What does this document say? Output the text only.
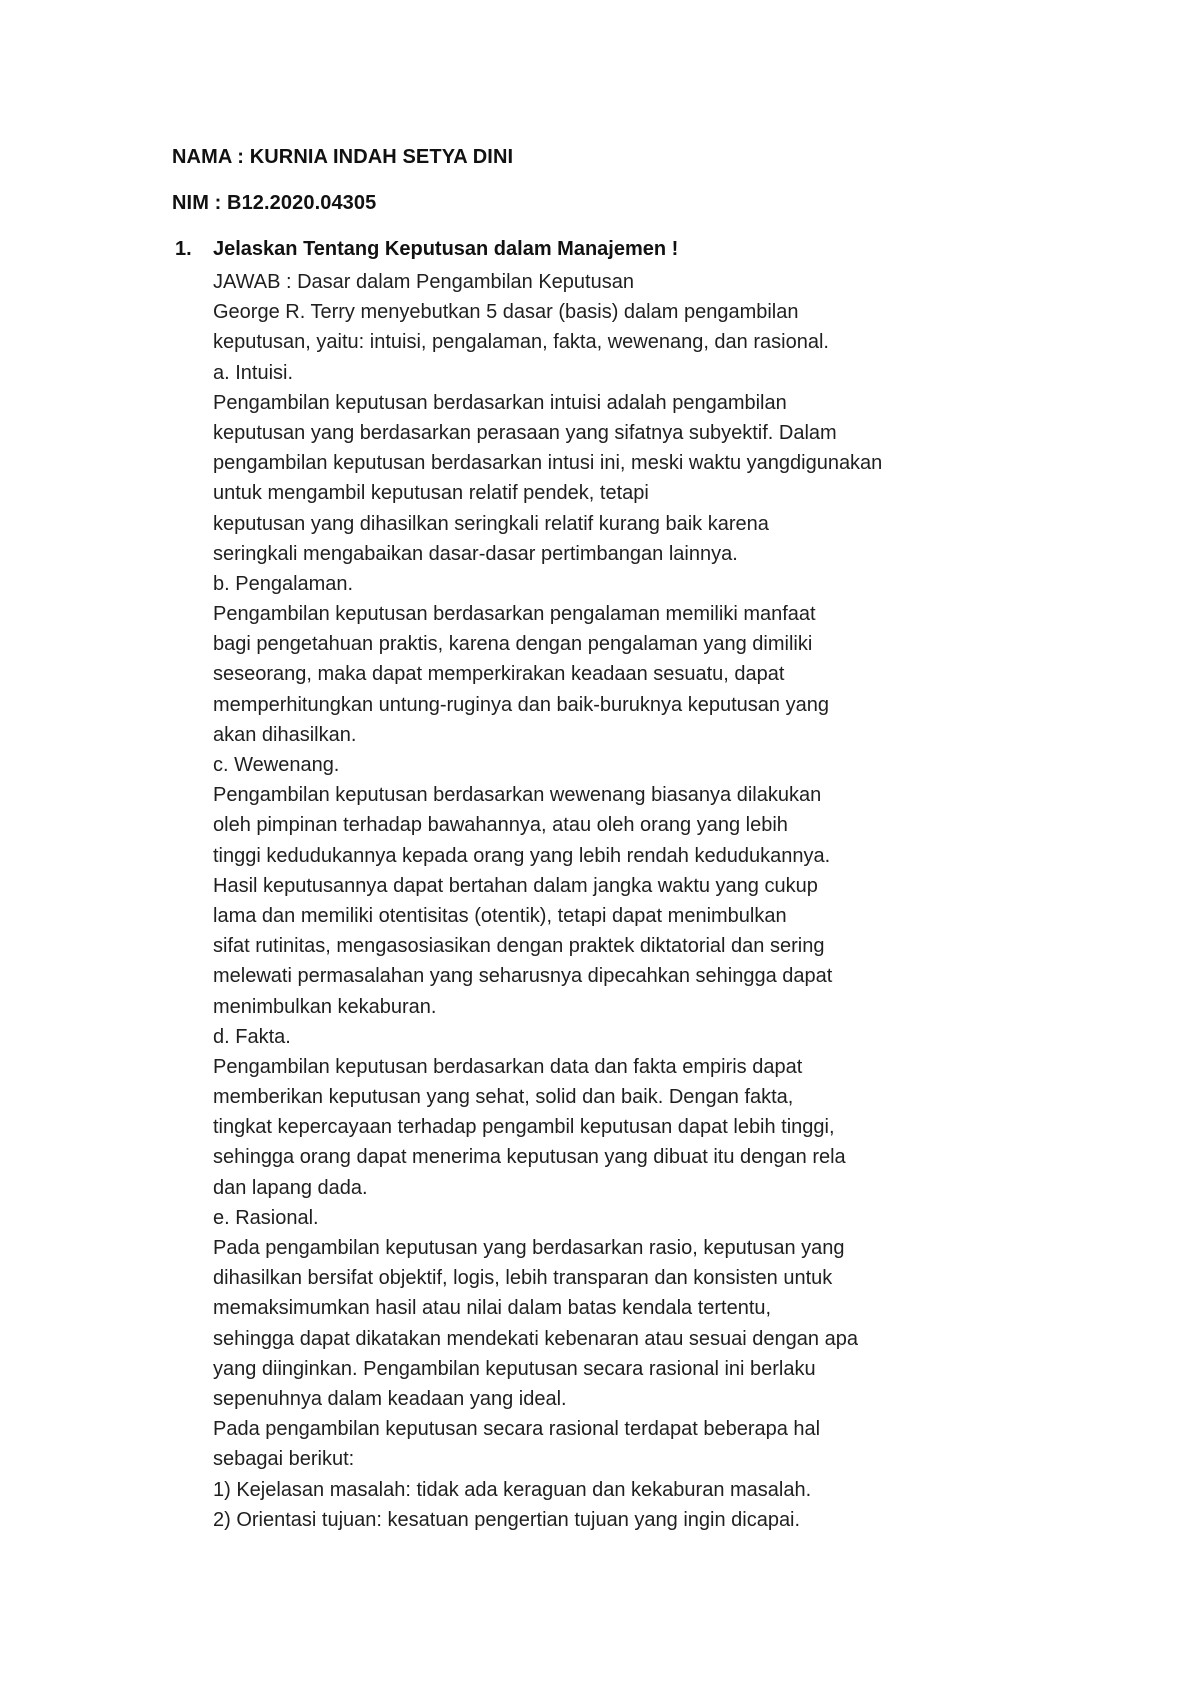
NAMA : KURNIA INDAH SETYA DINI
NIM : B12.2020.04305
1. Jelaskan Tentang Keputusan dalam Manajemen !
JAWAB : Dasar dalam Pengambilan Keputusan
George R. Terry menyebutkan 5 dasar (basis) dalam pengambilan
keputusan, yaitu: intuisi, pengalaman, fakta, wewenang, dan rasional.
a. Intuisi.
Pengambilan keputusan berdasarkan intuisi adalah pengambilan
keputusan yang berdasarkan perasaan yang sifatnya subyektif. Dalam
pengambilan keputusan berdasarkan intusi ini, meski waktu yangdigunakan
untuk mengambil keputusan relatif pendek, tetapi
keputusan yang dihasilkan seringkali relatif kurang baik karena
seringkali mengabaikan dasar-dasar pertimbangan lainnya.
b. Pengalaman.
Pengambilan keputusan berdasarkan pengalaman memiliki manfaat
bagi pengetahuan praktis, karena dengan pengalaman yang dimiliki
seseorang, maka dapat memperkirakan keadaan sesuatu, dapat
memperhitungkan untung-ruginya dan baik-buruknya keputusan yang
akan dihasilkan.
c. Wewenang.
Pengambilan keputusan berdasarkan wewenang biasanya dilakukan
oleh pimpinan terhadap bawahannya, atau oleh orang yang lebih
tinggi kedudukannya kepada orang yang lebih rendah kedudukannya.
Hasil keputusannya dapat bertahan dalam jangka waktu yang cukup
lama dan memiliki otentisitas (otentik), tetapi dapat menimbulkan
sifat rutinitas, mengasosiasikan dengan praktek diktatorial dan sering
melewati permasalahan yang seharusnya dipecahkan sehingga dapat
menimbulkan kekaburan.
d. Fakta.
Pengambilan keputusan berdasarkan data dan fakta empiris dapat
memberikan keputusan yang sehat, solid dan baik. Dengan fakta,
tingkat kepercayaan terhadap pengambil keputusan dapat lebih tinggi,
sehingga orang dapat menerima keputusan yang dibuat itu dengan rela
dan lapang dada.
e. Rasional.
Pada pengambilan keputusan yang berdasarkan rasio, keputusan yang
dihasilkan bersifat objektif, logis, lebih transparan dan konsisten untuk
memaksimumkan hasil atau nilai dalam batas kendala tertentu,
sehingga dapat dikatakan mendekati kebenaran atau sesuai dengan apa
yang diinginkan. Pengambilan keputusan secara rasional ini berlaku
sepenuhnya dalam keadaan yang ideal.
Pada pengambilan keputusan secara rasional terdapat beberapa hal
sebagai berikut:
1) Kejelasan masalah: tidak ada keraguan dan kekaburan masalah.
2) Orientasi tujuan: kesatuan pengertian tujuan yang ingin dicapai.
